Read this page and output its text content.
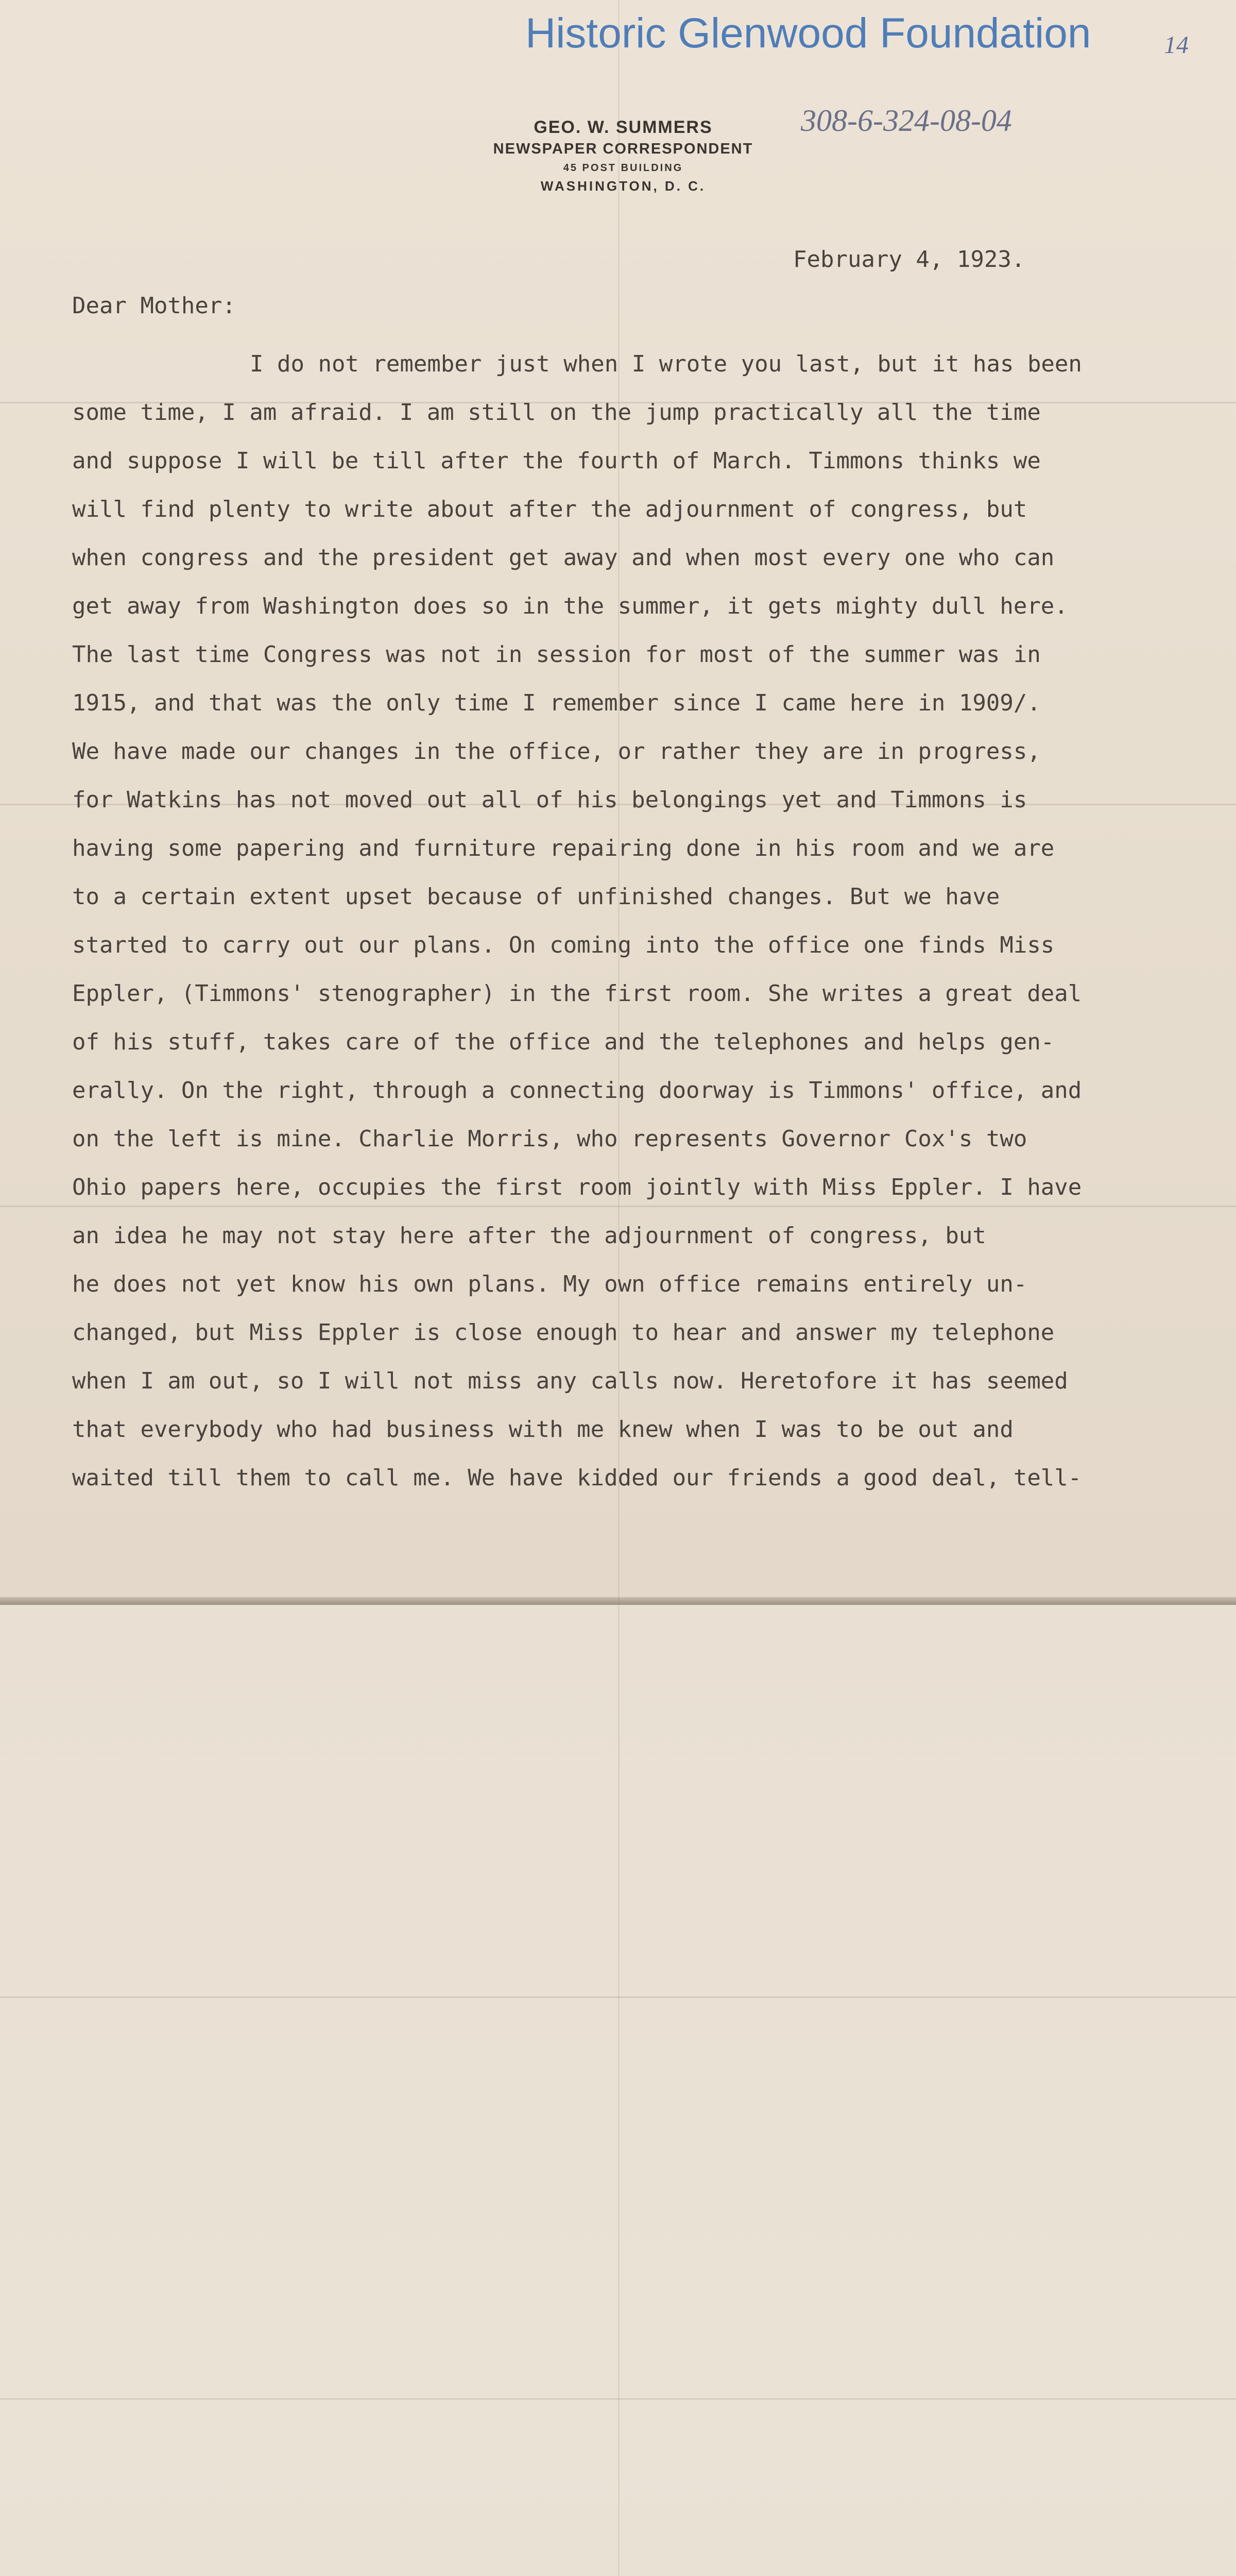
Historic Glenwood Foundation	14
308-6-324-08-04
GEO. W. SUMMERS
NEWSPAPER CORRESPONDENT
45 POST BUILDING
WASHINGTON, D. C.
February 4, 1923.
Dear Mother:
I do not remember just when I wrote you last, but it has been
some time, I am afraid. I am still on the jump practically all the time
and suppose I will be till after the fourth of March. Timmons thinks we
will find plenty to write about after the adjournment of congress, but
when congress and the president get away and when most every one who can
get away from Washington does so in the summer, it gets mighty dull here.
The last time Congress was not in session for most of the summer was in
1915, and that was the only time I remember since I came here in 1909/.
We have made our changes in the office, or rather they are in progress,
for Watkins has not moved out all of his belongings yet and Timmons is
having some papering and furniture repairing done in his room and we are
to a certain extent upset because of unfinished changes. But we have
started to carry out our plans. On coming into the office one finds Miss
Eppler, (Timmons' stenographer) in the first room. She writes a great deal
of his stuff, takes care of the office and the telephones and helps gen-
erally. On the right, through a connecting doorway is Timmons' office, and
on the left is mine. Charlie Morris, who represents Governor Cox's two
Ohio papers here, occupies the first room jointly with Miss Eppler. I have
an idea he may not stay here after the adjournment of congress, but
he does not yet know his own plans. My own office remains entirely un-
changed, but Miss Eppler is close enough to hear and answer my telephone
when I am out, so I will not miss any calls now. Heretofore it has seemed
that everybody who had business with me knew when I was to be out and
waited till them to call me. We have kidded our friends a good deal, tell-
